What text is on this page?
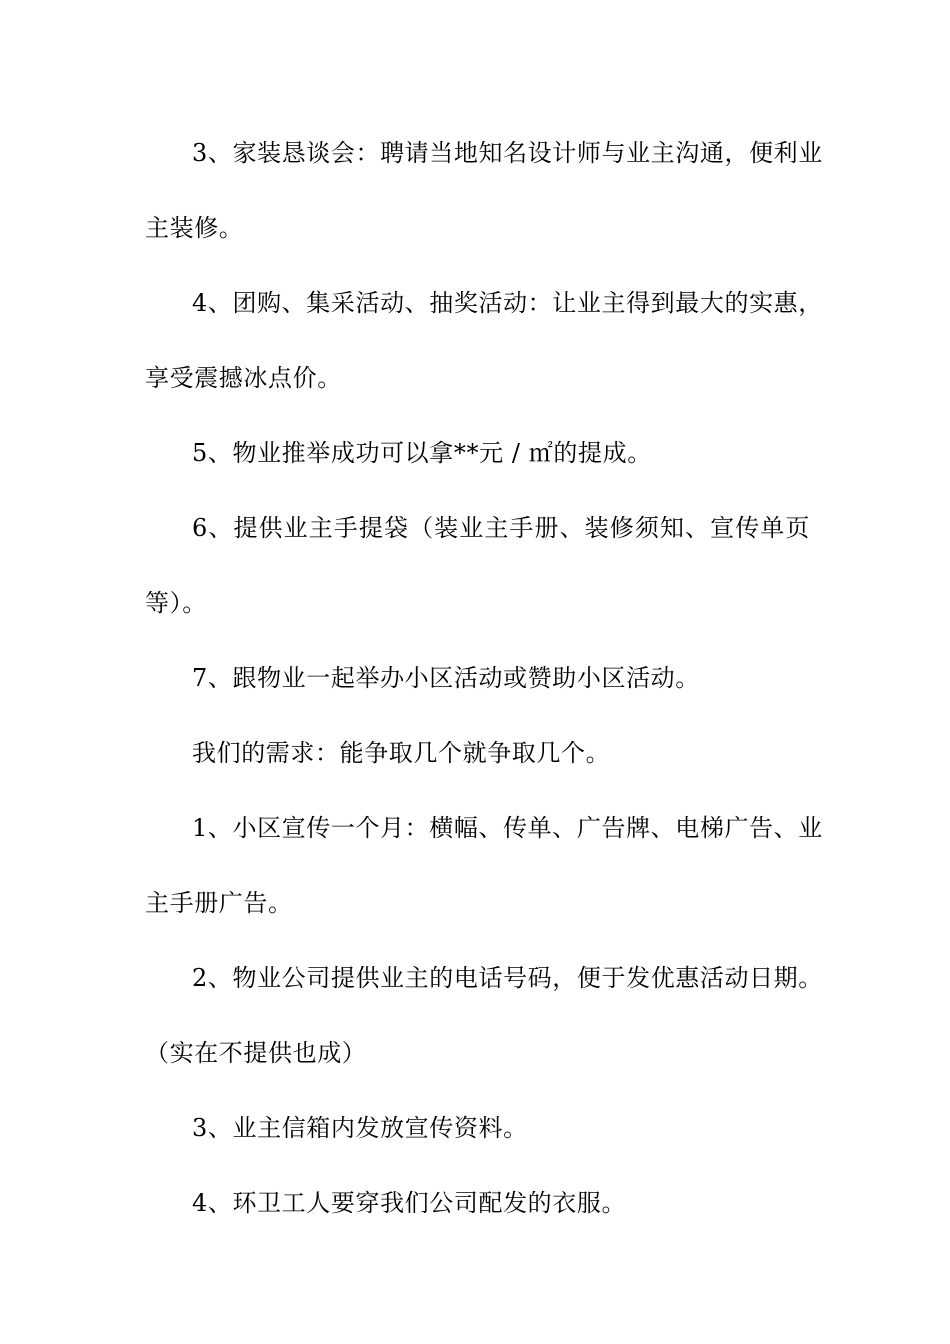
3、家装恳谈会：聘请当地知名设计师与业主沟通，便利业
主装修。
4、团购、集采活动、抽奖活动：让业主得到最大的实惠，
享受震撼冰点价。
5、物业推举成功可以拿**元 / ㎡的提成。
6、提供业主手提袋（装业主手册、装修须知、宣传单页
等）。
7、跟物业一起举办小区活动或赞助小区活动。
我们的需求：能争取几个就争取几个。
1、小区宣传一个月：横幅、传单、广告牌、电梯广告、业
主手册广告。
2、物业公司提供业主的电话号码，便于发优惠活动日期。
（实在不提供也成）
3、业主信箱内发放宣传资料。
4、环卫工人要穿我们公司配发的衣服。
